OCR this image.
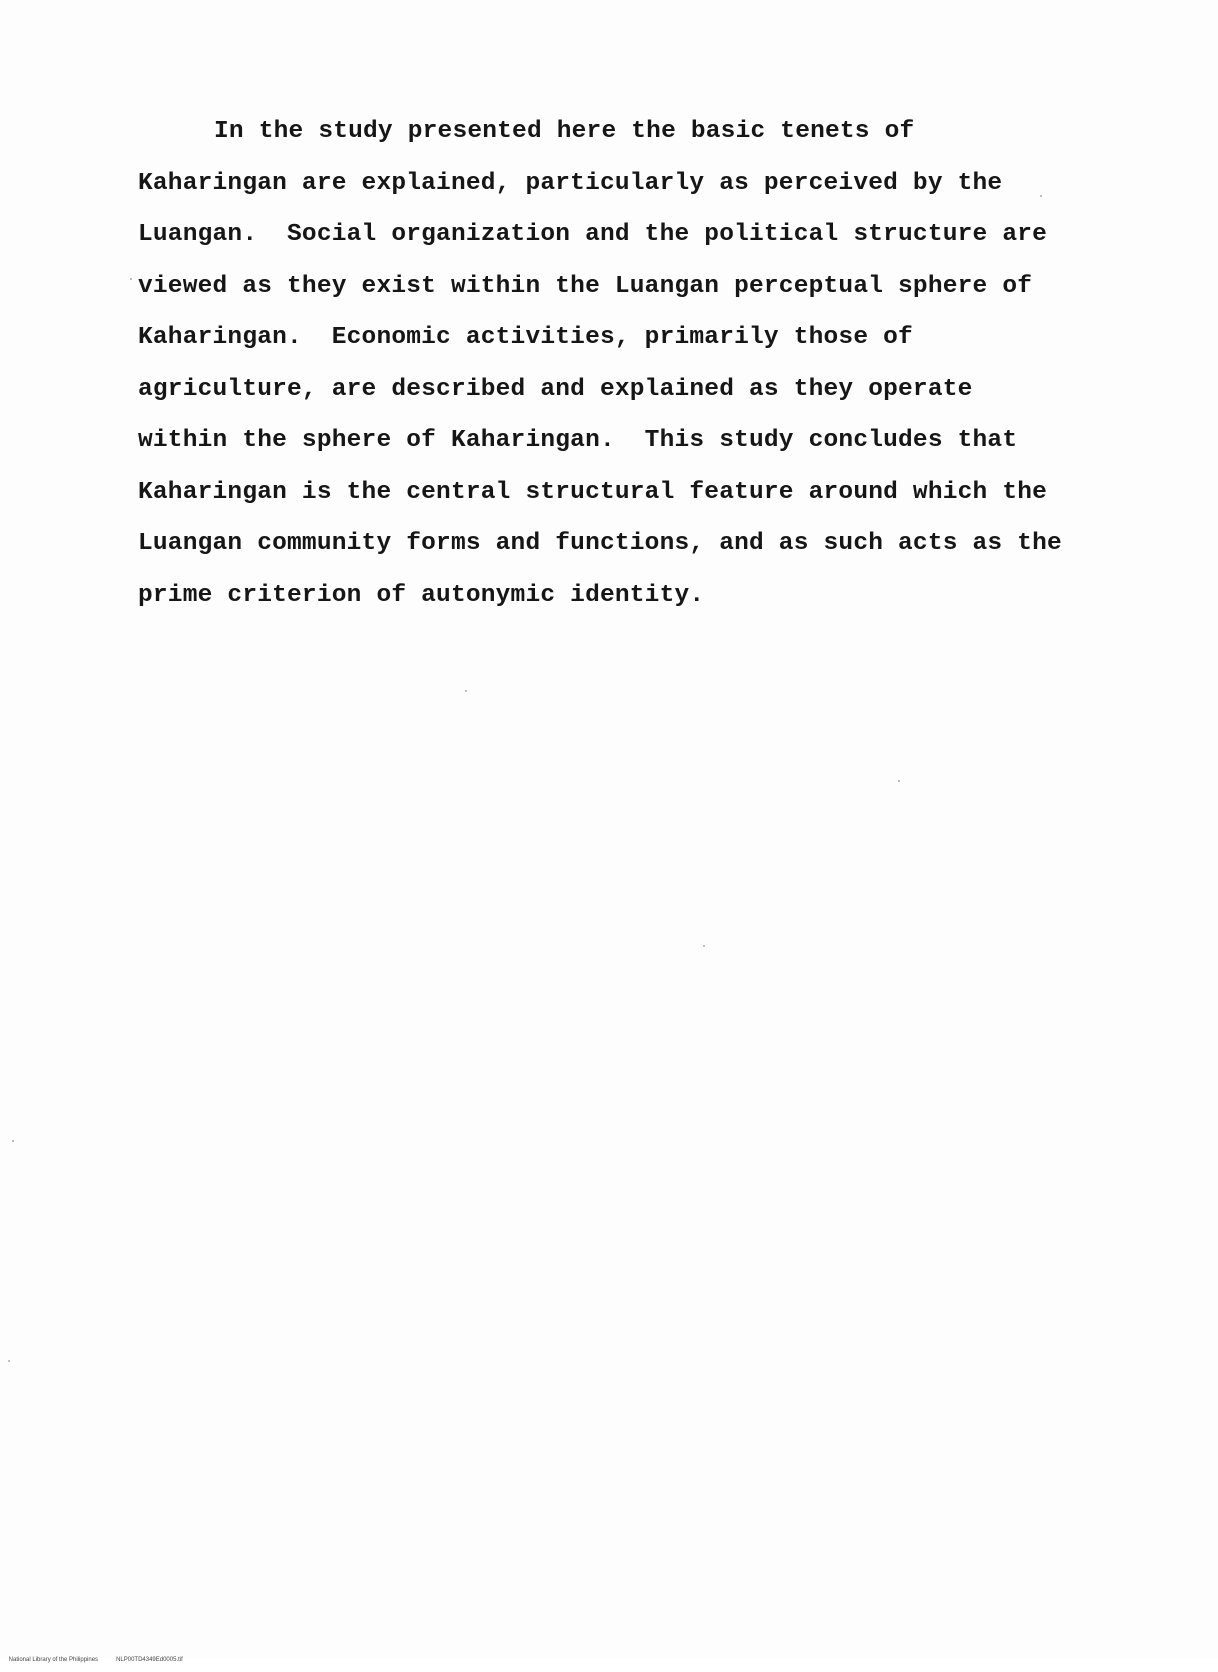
In the study presented here the basic tenets of
Kaharingan are explained, particularly as perceived by the
Luangan.  Social organization and the political structure are
viewed as they exist within the Luangan perceptual sphere of
Kaharingan.  Economic activities, primarily those of
agriculture, are described and explained as they operate
within the sphere of Kaharingan.  This study concludes that
Kaharingan is the central structural feature around which the
Luangan community forms and functions, and as such acts as the
prime criterion of autonymic identity.

National Library of the Philippines	NLP00TD4349Ed0005.tif
